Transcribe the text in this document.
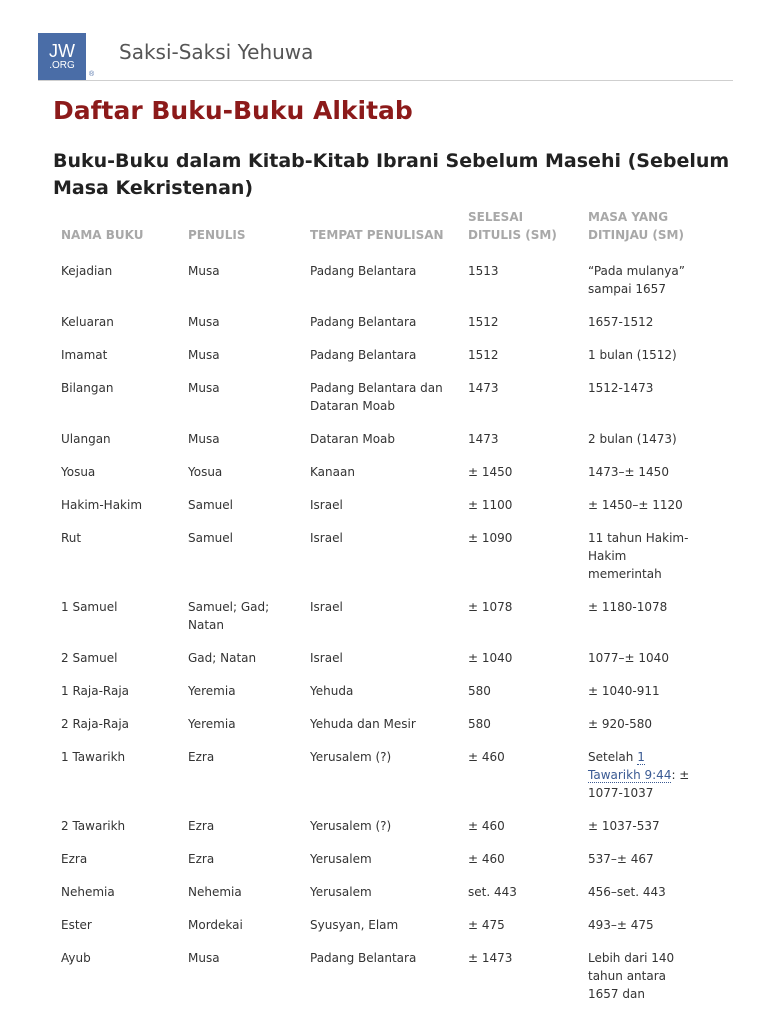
JW
.ORG
®
Saksi-Saksi Yehuwa
Daftar Buku-Buku Alkitab
Buku-Buku dalam Kitab-Kitab Ibrani Sebelum Masehi (Sebelum Masa Kekristenan)
NAMA BUKU	PENULIS	TEMPAT PENULISAN	SELESAI DITULIS (SM)	MASA YANG DITINJAU (SM)
Kejadian	Musa	Padang Belantara	1513	“Pada mulanya” sampai 1657
Keluaran	Musa	Padang Belantara	1512	1657-1512
Imamat	Musa	Padang Belantara	1512	1 bulan (1512)
Bilangan	Musa	Padang Belantara dan Dataran Moab	1473	1512-1473
Ulangan	Musa	Dataran Moab	1473	2 bulan (1473)
Yosua	Yosua	Kanaan	± 1450	1473–± 1450
Hakim-Hakim	Samuel	Israel	± 1100	± 1450–± 1120
Rut	Samuel	Israel	± 1090	11 tahun Hakim-Hakim memerintah
1 Samuel	Samuel; Gad; Natan	Israel	± 1078	± 1180-1078
2 Samuel	Gad; Natan	Israel	± 1040	1077–± 1040
1 Raja-Raja	Yeremia	Yehuda	580	± 1040-911
2 Raja-Raja	Yeremia	Yehuda dan Mesir	580	± 920-580
1 Tawarikh	Ezra	Yerusalem (?)	± 460	Setelah 1 Tawarikh 9:44: ± 1077-1037
2 Tawarikh	Ezra	Yerusalem (?)	± 460	± 1037-537
Ezra	Ezra	Yerusalem	± 460	537–± 467
Nehemia	Nehemia	Yerusalem	set. 443	456–set. 443
Ester	Mordekai	Syusyan, Elam	± 475	493–± 475
Ayub	Musa	Padang Belantara	± 1473	Lebih dari 140 tahun antara 1657 dan
